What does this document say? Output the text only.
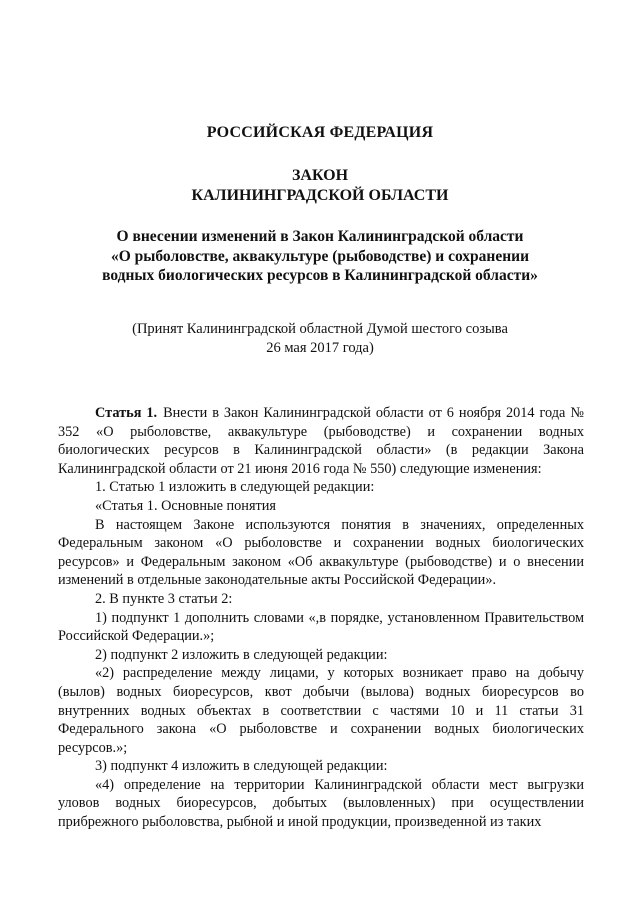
РОССИЙСКАЯ ФЕДЕРАЦИЯ
ЗАКОН
КАЛИНИНГРАДСКОЙ ОБЛАСТИ
О внесении изменений в Закон Калининградской области
«О рыболовстве, аквакультуре (рыбоводстве) и сохранении
водных биологических ресурсов в Калининградской области»
(Принят Калининградской областной Думой шестого созыва
26 мая 2017 года)

Статья 1. Внести в Закон Калининградской области от 6 ноября 2014 года № 352 «О рыболовстве, аквакультуре (рыбоводстве) и сохранении водных биологических ресурсов в Калининградской области» (в редакции Закона Калининградской области от 21 июня 2016 года № 550) следующие изменения:

1. Статью 1 изложить в следующей редакции:

«Статья 1. Основные понятия

В настоящем Законе используются понятия в значениях, определенных Федеральным законом «О рыболовстве и сохранении водных биологических ресурсов» и Федеральным законом «Об аквакультуре (рыбоводстве) и о внесении изменений в отдельные законодательные акты Российской Федерации».

2. В пункте 3 статьи 2:

1) подпункт 1 дополнить словами «,в порядке, установленном Правительством Российской Федерации.»;

2) подпункт 2 изложить в следующей редакции:

«2) распределение между лицами, у которых возникает право на добычу (вылов) водных биоресурсов, квот добычи (вылова) водных биоресурсов во внутренних водных объектах в соответствии с частями 10 и 11 статьи 31 Федерального закона «О рыболовстве и сохранении водных биологических ресурсов.»;

3) подпункт 4 изложить в следующей редакции:

«4) определение на территории Калининградской области мест выгрузки уловов водных биоресурсов, добытых (выловленных) при осуществлении прибрежного рыболовства, рыбной и иной продукции, произведенной из таких
